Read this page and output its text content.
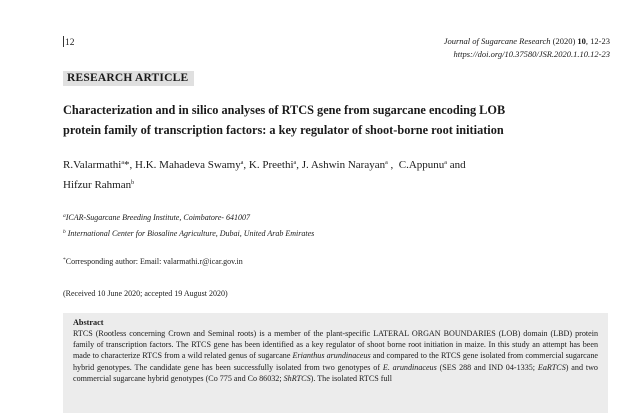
12	Journal of Sugarcane Research (2020) 10, 12-23
https://doi.org/10.37580/JSR.2020.1.10.12-23
RESEARCH ARTICLE
Characterization and in silico analyses of RTCS gene from sugarcane encoding LOB
protein family of transcription factors: a key regulator of shoot-borne root initiation
R.Valarmathi$^a$*, H.K. Mahadeva Swamy$^a$, K. Preethi$^a$, J. Ashwin Narayan$^a$ ,  C.Appunu$^a$ and
Hifzur Rahman$^b$
$^a$ICAR-Sugarcane Breeding Institute, Coimbatore- 641007
$^b$ International Center for Biosaline Agriculture, Dubai, United Arab Emirates
*Corresponding author: Email: valarmathi.r@icar.gov.in
(Received 10 June 2020; accepted 19 August 2020)
Abstract

RTCS (Rootless concerning Crown and Seminal roots) is a member of the plant-specific LATERAL ORGAN BOUNDARIES (LOB) domain (LBD) protein family of transcription factors. The RTCS gene has been identified as a key regulator of shoot borne root initiation in maize. In this study an attempt has been made to characterize RTCS from a wild related genus of sugarcane Erianthus arundinaceus and compared to the RTCS gene isolated from commercial sugarcane hybrid genotypes. The candidate gene has been successfully isolated from two genotypes of E. arundinaceus (SES 288 and IND 04-1335; EaRTCS) and two commercial sugarcane hybrid genotypes (Co 775 and Co 86032; ShRTCS). The isolated RTCS full
